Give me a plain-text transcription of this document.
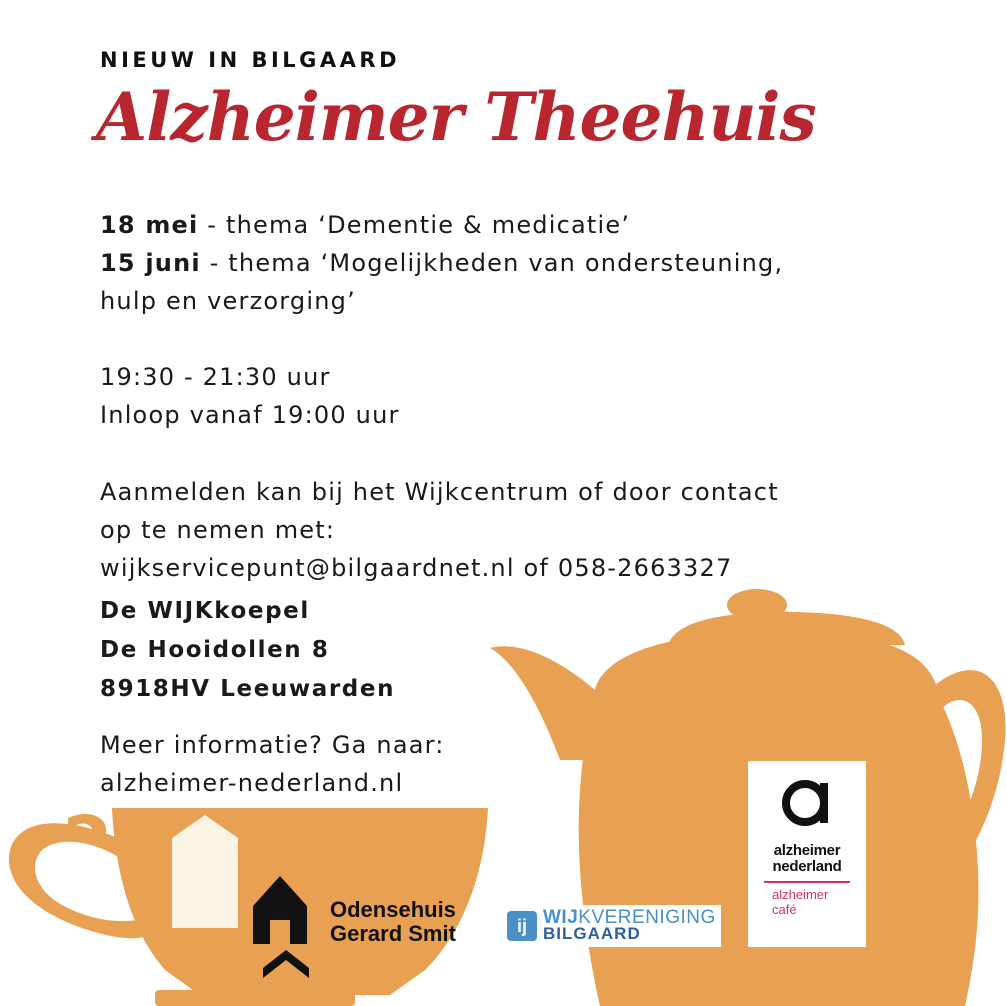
NIEUW IN BILGAARD
Alzheimer Theehuis
18 mei - thema ‘Dementie & medicatie’
15 juni - thema ‘Mogelijkheden van ondersteuning,
hulp en verzorging’
19:30 - 21:30 uur
Inloop vanaf 19:00 uur
Aanmelden kan bij het Wijkcentrum of door contact
op te nemen met:
wijkservicepunt@bilgaardnet.nl of 058-2663327
De WIJKkoepel
De Hooidollen 8
8918HV Leeuwarden
Meer informatie? Ga naar:
alzheimer-nederland.nl
Odensehuis
Gerard Smit	ij WIJKVERENIGING
BILGAARD
alzheimer
nederland
alzheimer
café
